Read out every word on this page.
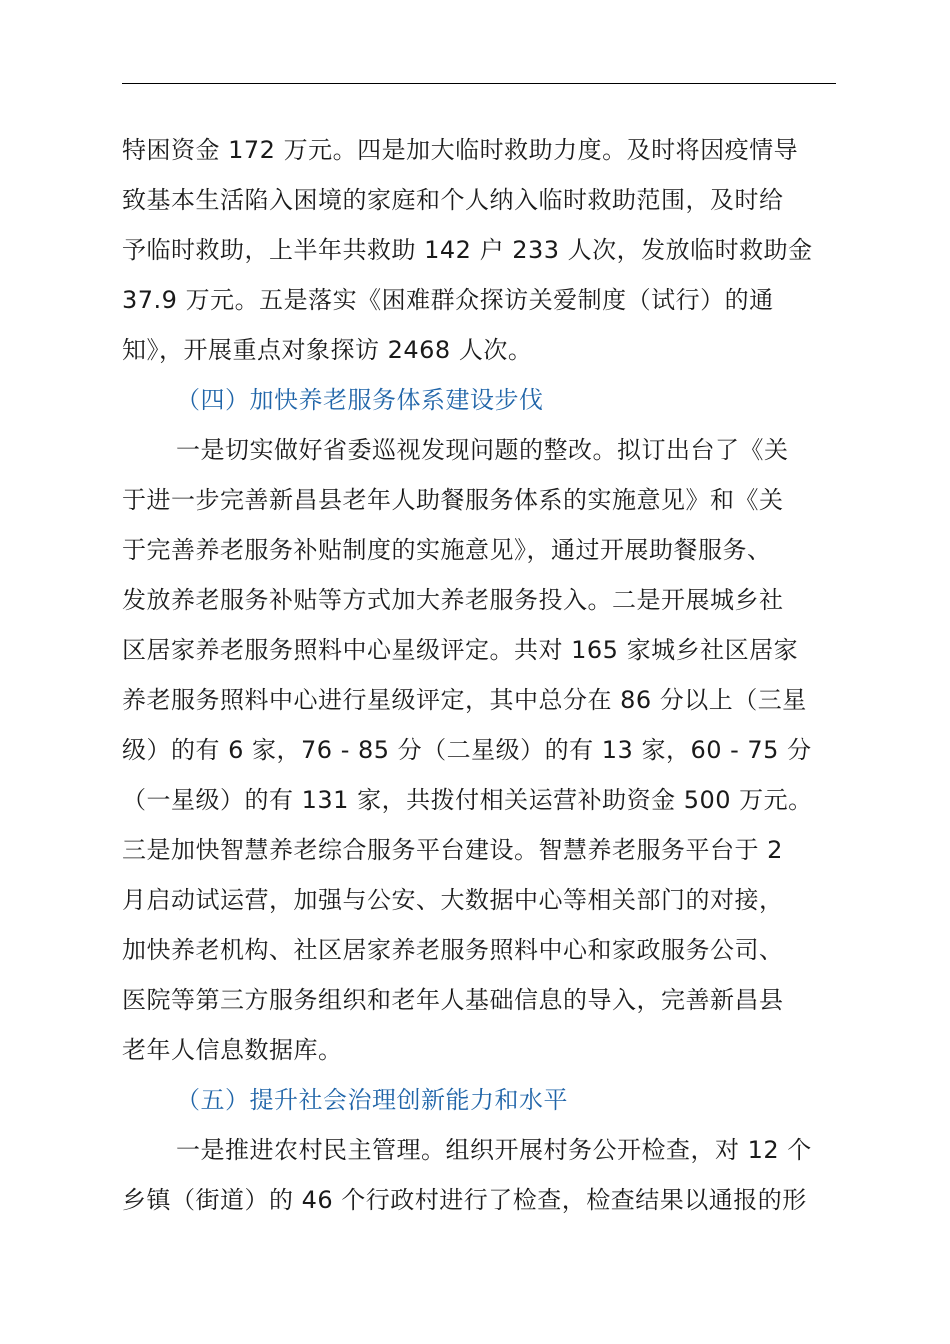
特困资金 172 万元。四是加大临时救助力度。及时将因疫情导
致基本生活陷入困境的家庭和个人纳入临时救助范围，及时给
予临时救助，上半年共救助 142 户 233 人次，发放临时救助金
37.9 万元。五是落实《困难群众探访关爱制度（试行）的通
知》，开展重点对象探访 2468 人次。
（四）加快养老服务体系建设步伐
一是切实做好省委巡视发现问题的整改。拟订出台了《关
于进一步完善新昌县老年人助餐服务体系的实施意见》和《关
于完善养老服务补贴制度的实施意见》，通过开展助餐服务、
发放养老服务补贴等方式加大养老服务投入。二是开展城乡社
区居家养老服务照料中心星级评定。共对 165 家城乡社区居家
养老服务照料中心进行星级评定，其中总分在 86 分以上（三星
级）的有 6 家，76 - 85 分（二星级）的有 13 家，60 - 75 分
（一星级）的有 131 家，共拨付相关运营补助资金 500 万元。
三是加快智慧养老综合服务平台建设。智慧养老服务平台于 2
月启动试运营，加强与公安、大数据中心等相关部门的对接，
加快养老机构、社区居家养老服务照料中心和家政服务公司、
医院等第三方服务组织和老年人基础信息的导入，完善新昌县
老年人信息数据库。
（五）提升社会治理创新能力和水平
一是推进农村民主管理。组织开展村务公开检查，对 12 个
乡镇（街道）的 46 个行政村进行了检查，检查结果以通报的形
